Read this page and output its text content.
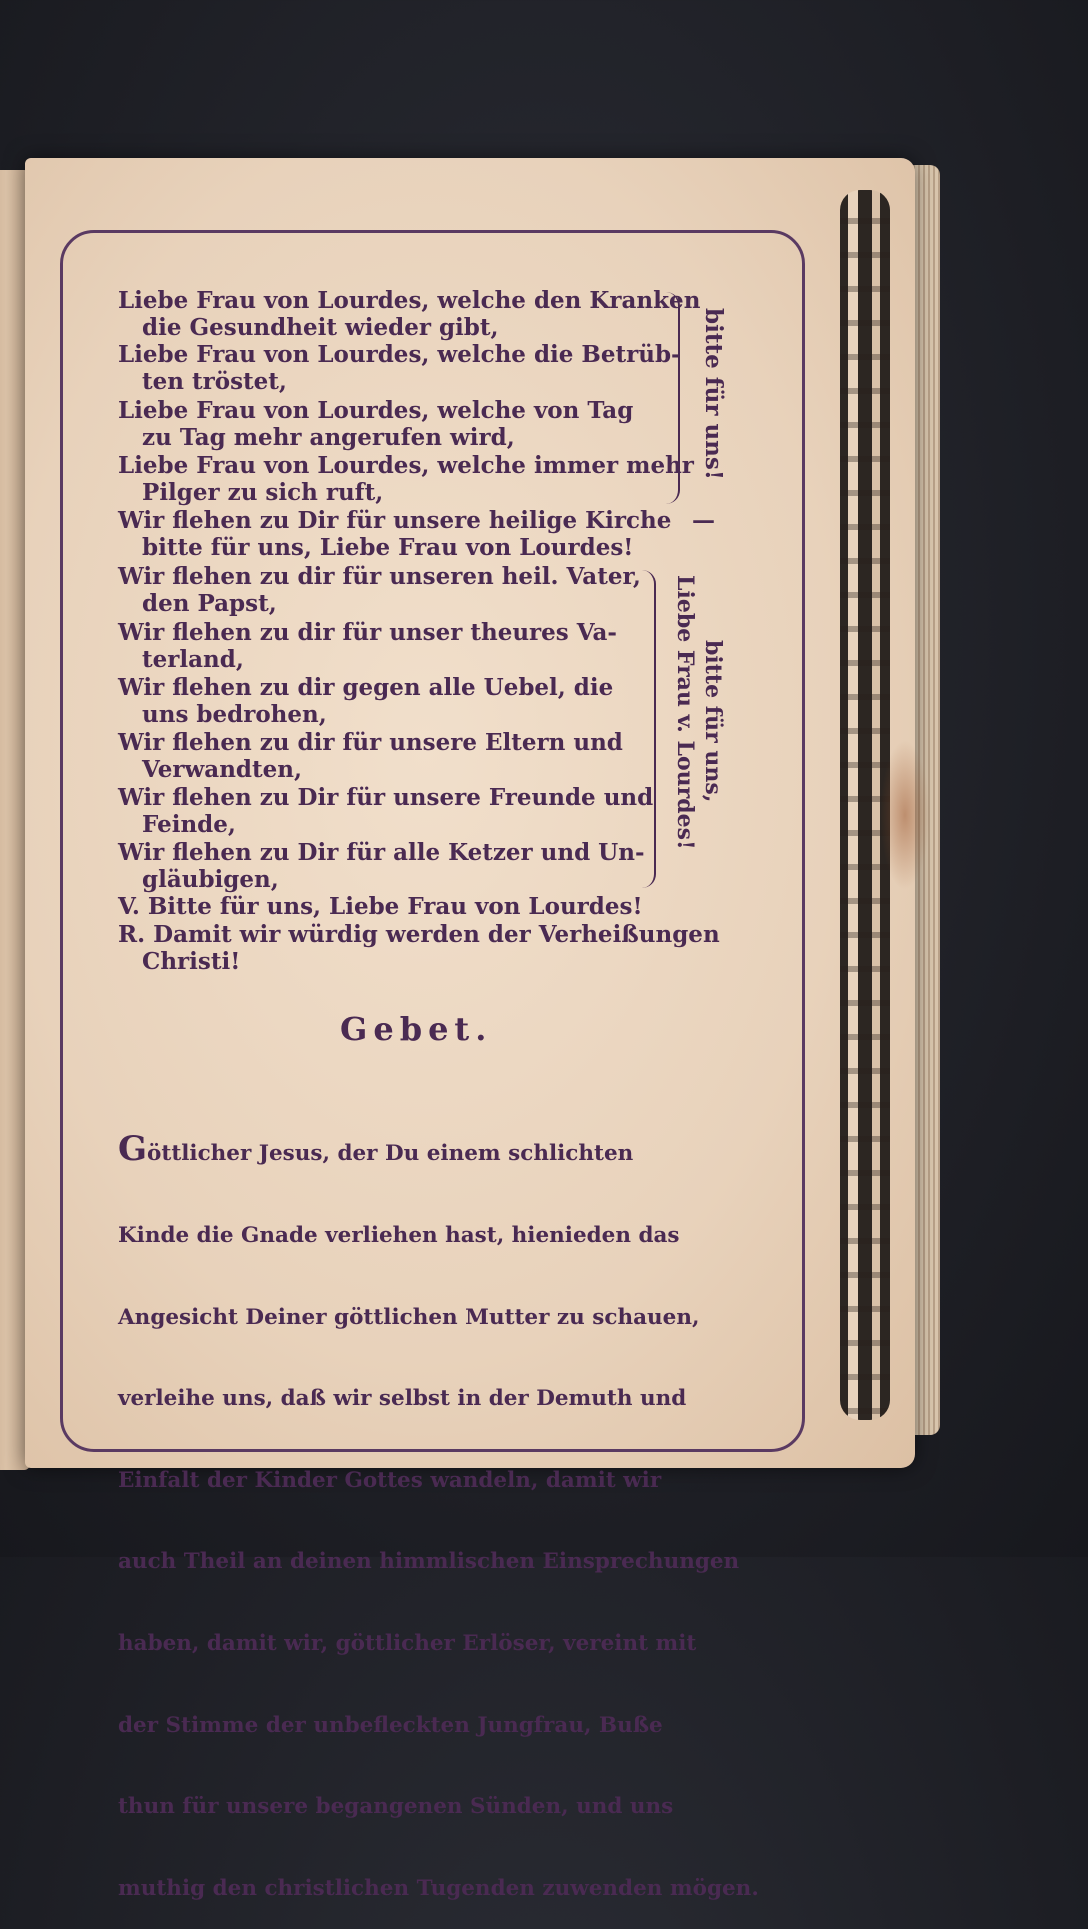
Liebe Frau von Lourdes, welche den Kranken
die Gesundheit wieder gibt,
Liebe Frau von Lourdes, welche die Betrüb-
ten tröstet,
Liebe Frau von Lourdes, welche von Tag
zu Tag mehr angerufen wird,
Liebe Frau von Lourdes, welche immer mehr
Pilger zu sich ruft,
bitte für uns!
Wir flehen zu Dir für unsere heilige Kirche —
bitte für uns, Liebe Frau von Lourdes!
Wir flehen zu dir für unseren heil. Vater,
den Papst,
Wir flehen zu dir für unser theures Va-
terland,
Wir flehen zu dir gegen alle Uebel, die
uns bedrohen,
Wir flehen zu dir für unsere Eltern und
Verwandten,
Wir flehen zu Dir für unsere Freunde und
Feinde,
Wir flehen zu Dir für alle Ketzer und Un-
gläubigen,
Liebe Frau v. Lourdes! bitte für uns,
V. Bitte für uns, Liebe Frau von Lourdes!
R. Damit wir würdig werden der Verheißungen
Christi!
Gebet.

Göttlicher Jesus, der Du einem schlichten

Kinde die Gnade verliehen hast, hienieden das

Angesicht Deiner göttlichen Mutter zu schauen,

verleihe uns, daß wir selbst in der Demuth und

Einfalt der Kinder Gottes wandeln, damit wir

auch Theil an deinen himmlischen Einsprechungen

haben, damit wir, göttlicher Erlöser, vereint mit

der Stimme der unbefleckten Jungfrau, Buße

thun für unsere begangenen Sünden, und uns

muthig den christlichen Tugenden zuwenden mögen.
